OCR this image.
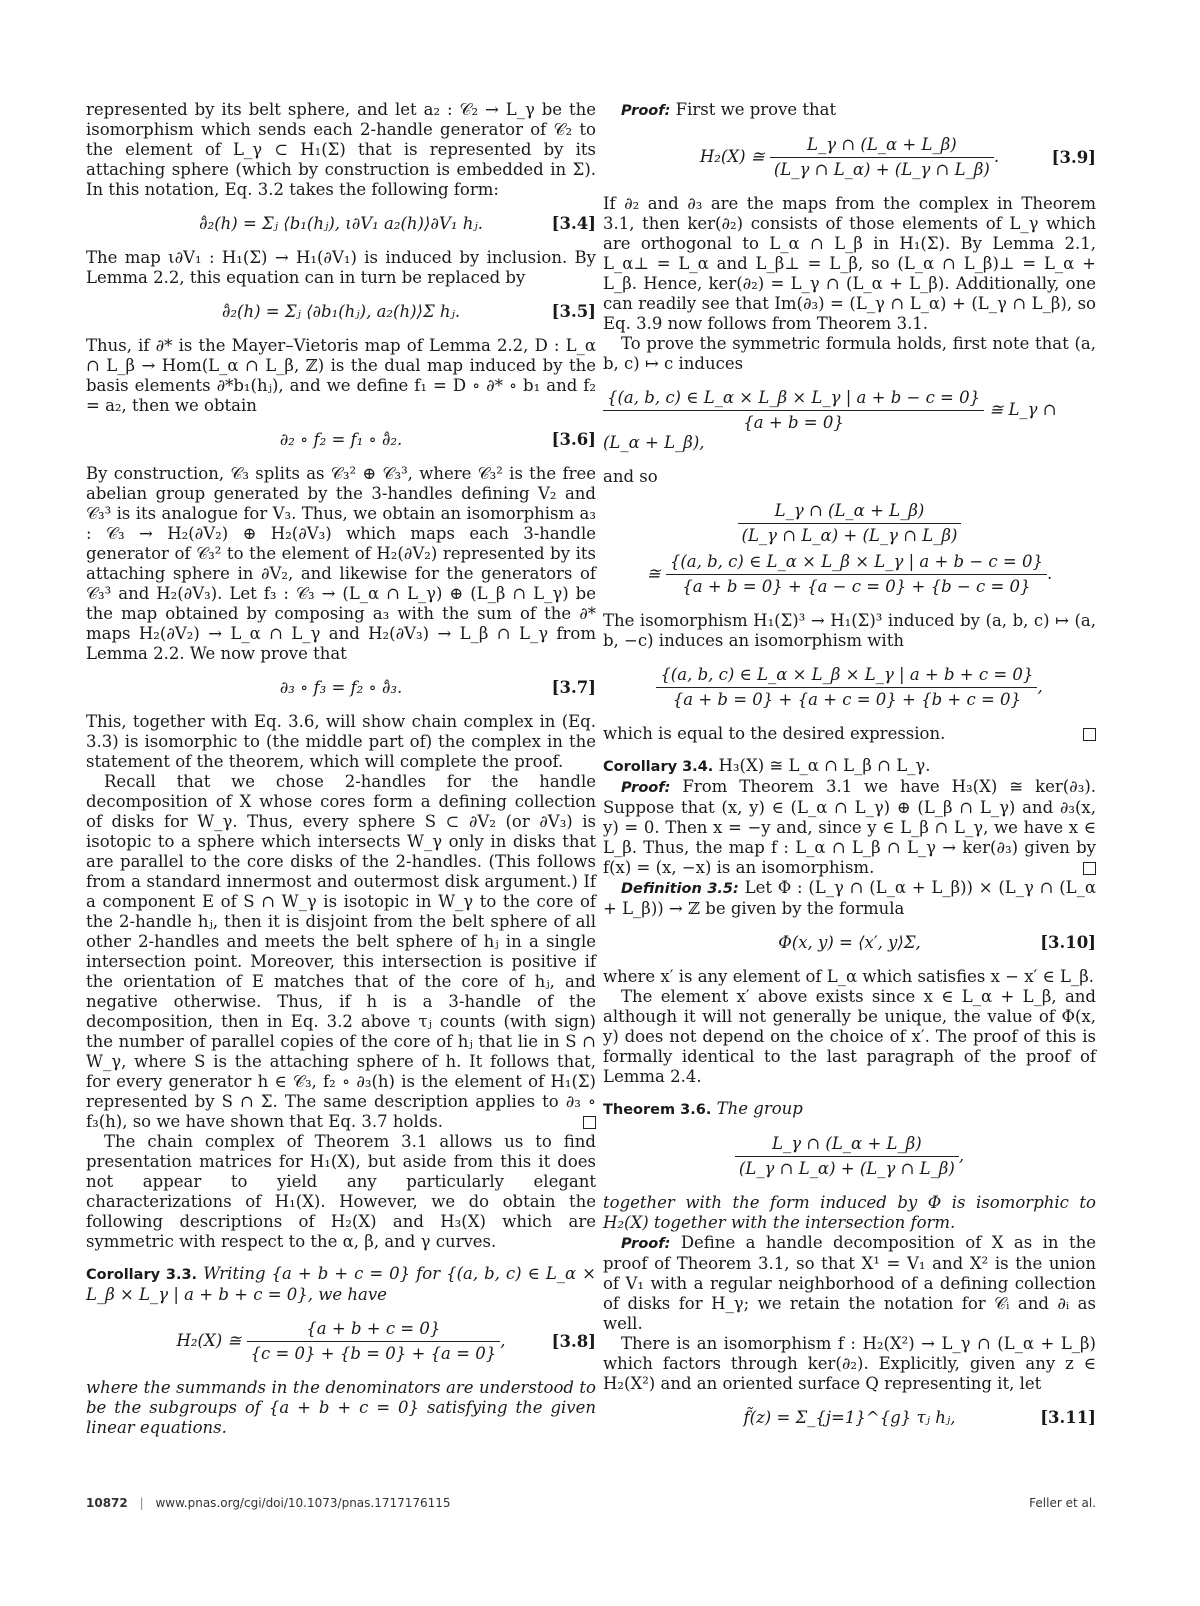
represented by its belt sphere, and let a₂ : 𝒞₂ → L_γ be the isomorphism which sends each 2-handle generator of 𝒞₂ to the element of L_γ ⊂ H₁(Σ) that is represented by its attaching sphere (which by construction is embedded in Σ). In this notation, Eq. 3.2 takes the following form:

∂̂₂(h) = Σⱼ ⟨b₁(hⱼ), ι∂V₁ a₂(h)⟩∂V₁ hⱼ.	[3.4]

The map ι∂V₁ : H₁(Σ) → H₁(∂V₁) is induced by inclusion. By Lemma 2.2, this equation can in turn be replaced by

∂̂₂(h) = Σⱼ ⟨∂b₁(hⱼ), a₂(h)⟩Σ hⱼ.	[3.5]

Thus, if ∂* is the Mayer–Vietoris map of Lemma 2.2, D : L_α ∩ L_β → Hom(L_α ∩ L_β, ℤ) is the dual map induced by the basis elements ∂*b₁(hⱼ), and we define f₁ = D ∘ ∂* ∘ b₁ and f₂ = a₂, then we obtain

∂₂ ∘ f₂ = f₁ ∘ ∂̂₂.	[3.6]

By construction, 𝒞₃ splits as 𝒞₃² ⊕ 𝒞₃³, where 𝒞₃² is the free abelian group generated by the 3-handles defining V₂ and 𝒞₃³ is its analogue for V₃. Thus, we obtain an isomorphism a₃ : 𝒞₃ → H₂(∂V₂) ⊕ H₂(∂V₃) which maps each 3-handle generator of 𝒞₃² to the element of H₂(∂V₂) represented by its attaching sphere in ∂V₂, and likewise for the generators of 𝒞₃³ and H₂(∂V₃). Let f₃ : 𝒞₃ → (L_α ∩ L_γ) ⊕ (L_β ∩ L_γ) be the map obtained by composing a₃ with the sum of the ∂* maps H₂(∂V₂) → L_α ∩ L_γ and H₂(∂V₃) → L_β ∩ L_γ from Lemma 2.2. We now prove that

∂₃ ∘ f₃ = f₂ ∘ ∂̂₃.	[3.7]

This, together with Eq. 3.6, will show chain complex in (Eq. 3.3) is isomorphic to (the middle part of) the complex in the statement of the theorem, which will complete the proof.

Recall that we chose 2-handles for the handle decomposition of X whose cores form a defining collection of disks for W_γ. Thus, every sphere S ⊂ ∂V₂ (or ∂V₃) is isotopic to a sphere which intersects W_γ only in disks that are parallel to the core disks of the 2-handles. (This follows from a standard innermost and outermost disk argument.) If a component E of S ∩ W_γ is isotopic in W_γ to the core of the 2-handle hⱼ, then it is disjoint from the belt sphere of all other 2-handles and meets the belt sphere of hⱼ in a single intersection point. Moreover, this intersection is positive if the orientation of E matches that of the core of hⱼ, and negative otherwise. Thus, if h is a 3-handle of the decomposition, then in Eq. 3.2 above τⱼ counts (with sign) the number of parallel copies of the core of hⱼ that lie in S ∩ W_γ, where S is the attaching sphere of h. It follows that, for every generator h ∈ 𝒞₃, f₂ ∘ ∂₃(h) is the element of H₁(Σ) represented by S ∩ Σ. The same description applies to ∂₃ ∘ f₃(h), so we have shown that Eq. 3.7 holds.

The chain complex of Theorem 3.1 allows us to find presentation matrices for H₁(X), but aside from this it does not appear to yield any particularly elegant characterizations of H₁(X). However, we do obtain the following descriptions of H₂(X) and H₃(X) which are symmetric with respect to the α, β, and γ curves.

Corollary 3.3. Writing {a + b + c = 0} for {(a, b, c) ∈ L_α × L_β × L_γ | a + b + c = 0}, we have

H₂(X) ≅ $\frac{\{a + b + c = 0\}}{\{c = 0\} + \{b = 0\} + \{a = 0\}}$ ,	[3.8]

where the summands in the denominators are understood to be the subgroups of {a + b + c = 0} satisfying the given linear equations.

Proof: First we prove that

H₂(X) ≅ $\frac{L\_\gamma \cap (L\_\alpha + L\_\beta)}{(L\_\gamma \cap L\_\alpha) + (L\_\gamma \cap L\_\beta)}$ .	[3.9]

If ∂₂ and ∂₃ are the maps from the complex in Theorem 3.1, then ker(∂₂) consists of those elements of L_γ which are orthogonal to L_α ∩ L_β in H₁(Σ). By Lemma 2.1, L_α⊥ = L_α and L_β⊥ = L_β, so (L_α ∩ L_β)⊥ = L_α + L_β. Hence, ker(∂₂) = L_γ ∩ (L_α + L_β). Additionally, one can readily see that Im(∂₃) = (L_γ ∩ L_α) + (L_γ ∩ L_β), so Eq. 3.9 now follows from Theorem 3.1.

To prove the symmetric formula holds, first note that (a, b, c) ↦ c induces

$\frac{\{(a, b, c) \in L\_\alpha \times L\_\beta \times L\_\gamma | a + b - c = 0\}}{\{a + b = 0\}}$ ≅ L_γ ∩ (L_α + L_β),

and so

$\frac{L\_\gamma \cap (L\_\alpha + L\_\beta)}{(L\_\gamma \cap L\_\alpha) + (L\_\gamma \cap L\_\beta)}$
≅ $\frac{\{(a, b, c) \in L\_\alpha \times L\_\beta \times L\_\gamma | a + b - c = 0\}}{\{a + b = 0\} + \{a - c = 0\} + \{b - c = 0\}}$ .

The isomorphism H₁(Σ)³ → H₁(Σ)³ induced by (a, b, c) ↦ (a, b, −c) induces an isomorphism with

$\frac{\{(a, b, c) \in L\_\alpha \times L\_\beta \times L\_\gamma | a + b + c = 0\}}{\{a + b = 0\} + \{a + c = 0\} + \{b + c = 0\}}$ ,

which is equal to the desired expression.

Corollary 3.4. H₃(X) ≅ L_α ∩ L_β ∩ L_γ.

Proof: From Theorem 3.1 we have H₃(X) ≅ ker(∂₃). Suppose that (x, y) ∈ (L_α ∩ L_γ) ⊕ (L_β ∩ L_γ) and ∂₃(x, y) = 0. Then x = −y and, since y ∈ L_β ∩ L_γ, we have x ∈ L_β. Thus, the map f : L_α ∩ L_β ∩ L_γ → ker(∂₃) given by f(x) = (x, −x) is an isomorphism.

Definition 3.5: Let Φ : (L_γ ∩ (L_α + L_β)) × (L_γ ∩ (L_α + L_β)) → ℤ be given by the formula

Φ(x, y) = ⟨x′, y⟩Σ,	[3.10]

where x′ is any element of L_α which satisfies x − x′ ∈ L_β.

The element x′ above exists since x ∈ L_α + L_β, and although it will not generally be unique, the value of Φ(x, y) does not depend on the choice of x′. The proof of this is formally identical to the last paragraph of the proof of Lemma 2.4.

Theorem 3.6. The group

$\frac{L\_\gamma \cap (L\_\alpha + L\_\beta)}{(L\_\gamma \cap L\_\alpha) + (L\_\gamma \cap L\_\beta)}$ ,

together with the form induced by Φ is isomorphic to H₂(X) together with the intersection form.

Proof: Define a handle decomposition of X as in the proof of Theorem 3.1, so that X¹ = V₁ and X² is the union of V₁ with a regular neighborhood of a defining collection of disks for H_γ; we retain the notation for 𝒞ᵢ and ∂ᵢ as well.

There is an isomorphism f : H₂(X²) → L_γ ∩ (L_α + L_β) which factors through ker(∂₂). Explicitly, given any z ∈ H₂(X²) and an oriented surface Q representing it, let

f̃(z) = Σ_{j=1}^{g} τⱼ hⱼ,	[3.11]
10872 | www.pnas.org/cgi/doi/10.1073/pnas.1717176115	Feller et al.
